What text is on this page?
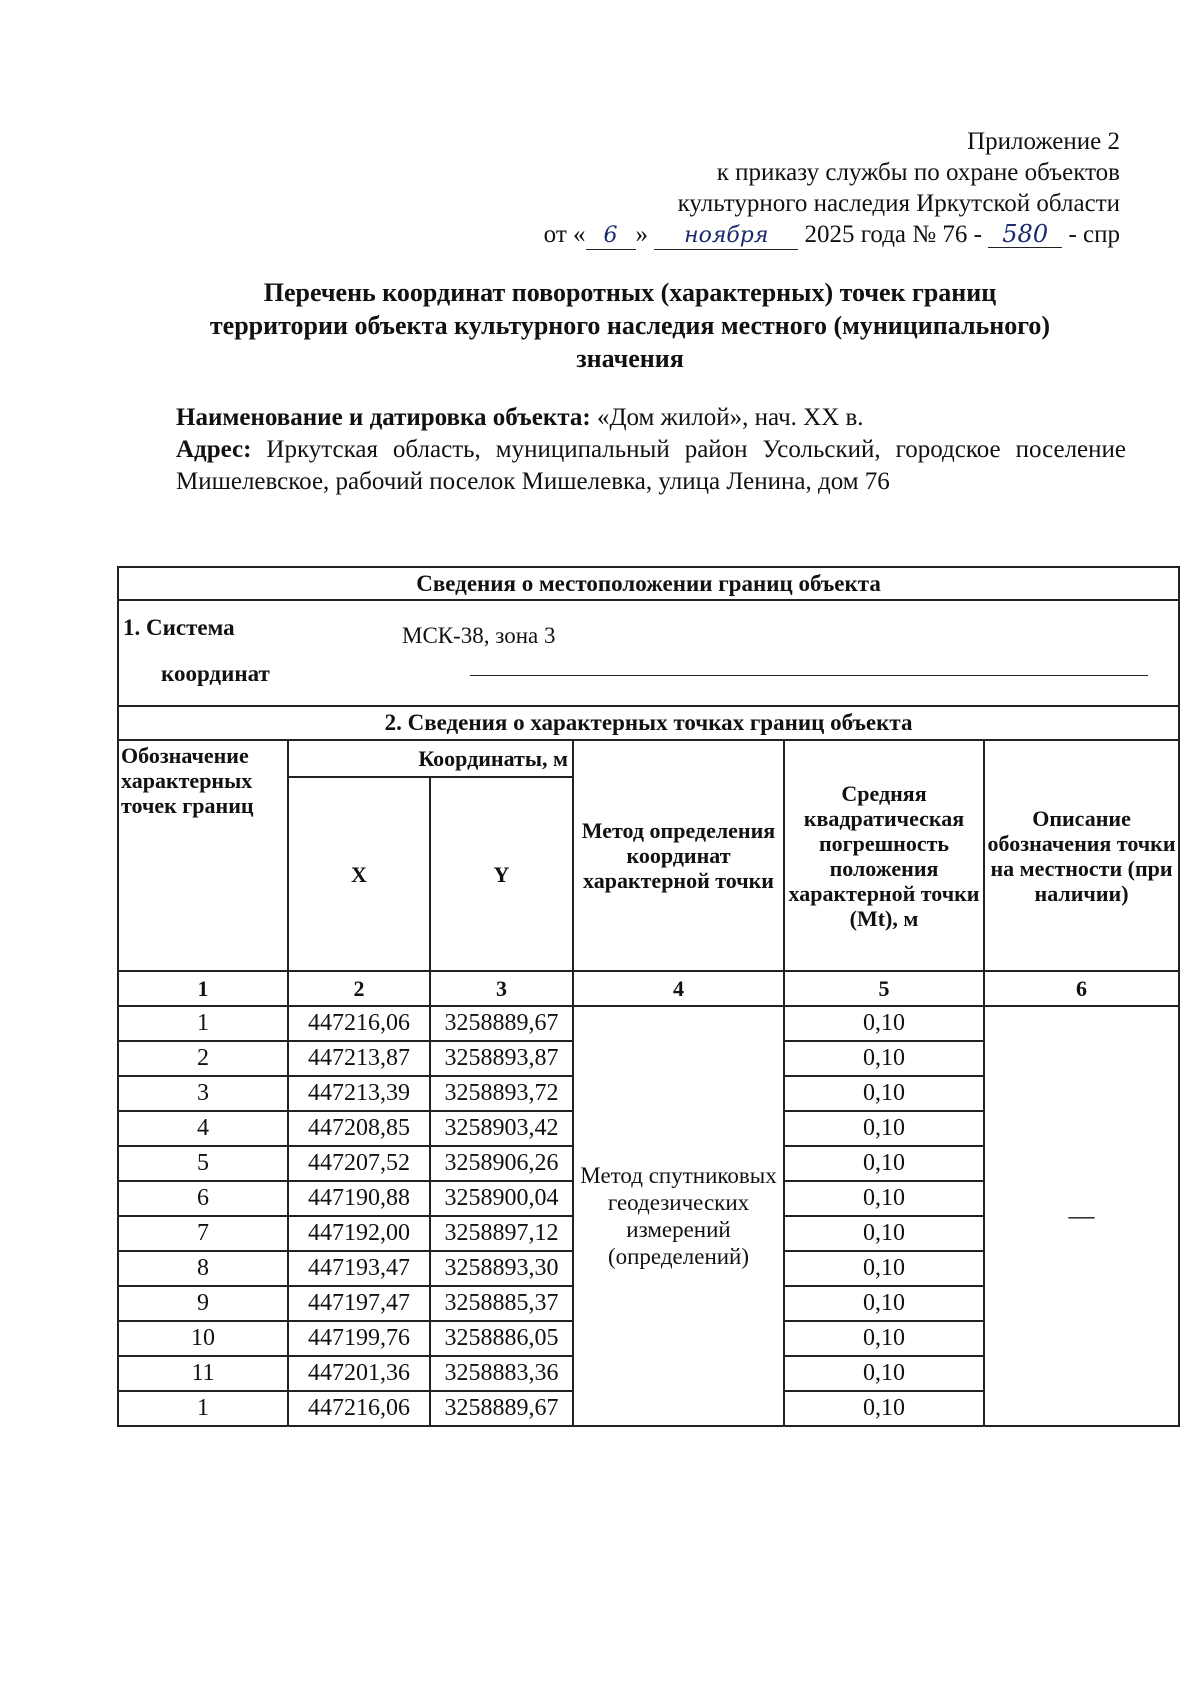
Приложение 2
к приказу службы по охране объектов
культурного наследия Иркутской области
от « 6 » ноября 2025 года № 76 - 580 - спр
Перечень координат поворотных (характерных) точек границ
территории объекта культурного наследия местного (муниципального)
значения
Наименование и датировка объекта: «Дом жилой», нач. XX в.
Адрес: Иркутская область, муниципальный район Усольский, городское поселение Мишелевское, рабочий поселок Мишелевка, улица Ленина, дом 76
Сведения о местоположении границ объекта					

1. Система
координат
МСК-38, зона 3					

2. Сведения о характерных точках границ объекта					
Обозначение характерных точек границ	Координаты, м		Метод определения координат характерной точки	Средняя квадратическая погрешность положения характерной точки (Mt), м	Описание обозначения точки на местности (при наличии)
	X	Y			
1	2	3	4	5	6
1	447216,06	3258889,67	Метод спутниковых геодезических измерений (определений)	0,10	—
2	447213,87	3258893,87		0,10	
3	447213,39	3258893,72		0,10	
4	447208,85	3258903,42		0,10	
5	447207,52	3258906,26		0,10	
6	447190,88	3258900,04		0,10	
7	447192,00	3258897,12		0,10	
8	447193,47	3258893,30		0,10	
9	447197,47	3258885,37		0,10	
10	447199,76	3258886,05		0,10	
11	447201,36	3258883,36		0,10	
1	447216,06	3258889,67		0,10	
